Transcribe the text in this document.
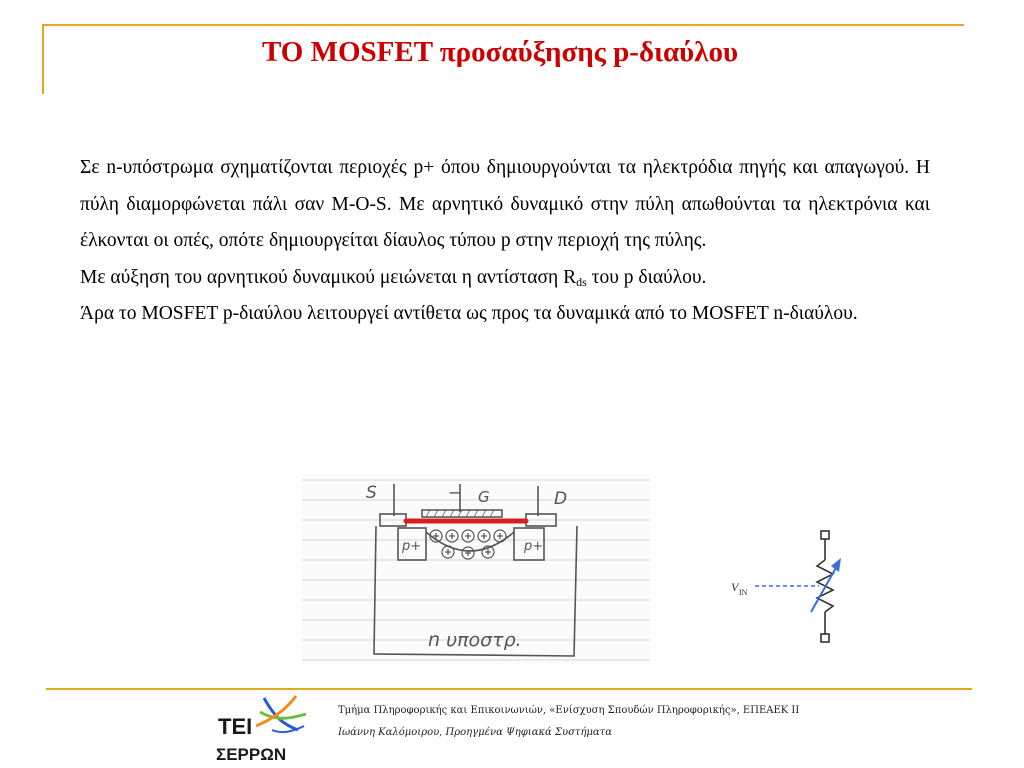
ΤΟ MOSFET προσαύξησης p-διαύλου

Σε n-υπόστρωμα σχηματίζονται περιοχές p+ όπου δημιουργούνται τα ηλεκτρόδια πηγής και απαγωγού. Η πύλη διαμορφώνεται πάλι σαν M-O-S. Με αρνητικό δυναμικό στην πύλη απωθούνται τα ηλεκτρόνια και έλκονται οι οπές, οπότε δημιουργείται δίαυλος τύπου p στην περιοχή της πύλης.

Με αύξηση του αρνητικού δυναμικού μειώνεται η αντίσταση $R_{ds}$ του p διαύλου.

Άρα το MOSFET p-διαύλου λειτουργεί αντίθετα ως προς τα δυναμικά από το MOSFET n-διαύλου.

S	− G	D
p+	p+
n υποστρ.
V IN
ΤΕΙ
ΣΕΡΡΩΝ
Τμήμα Πληροφορικής και Επικοινωνιών, «Ενίσχυση Σπουδών Πληροφορικής», ΕΠΕΑΕΚ ΙΙ
Ιωάννη Καλόμοιρου, Προηγμένα Ψηφιακά Συστήματα
